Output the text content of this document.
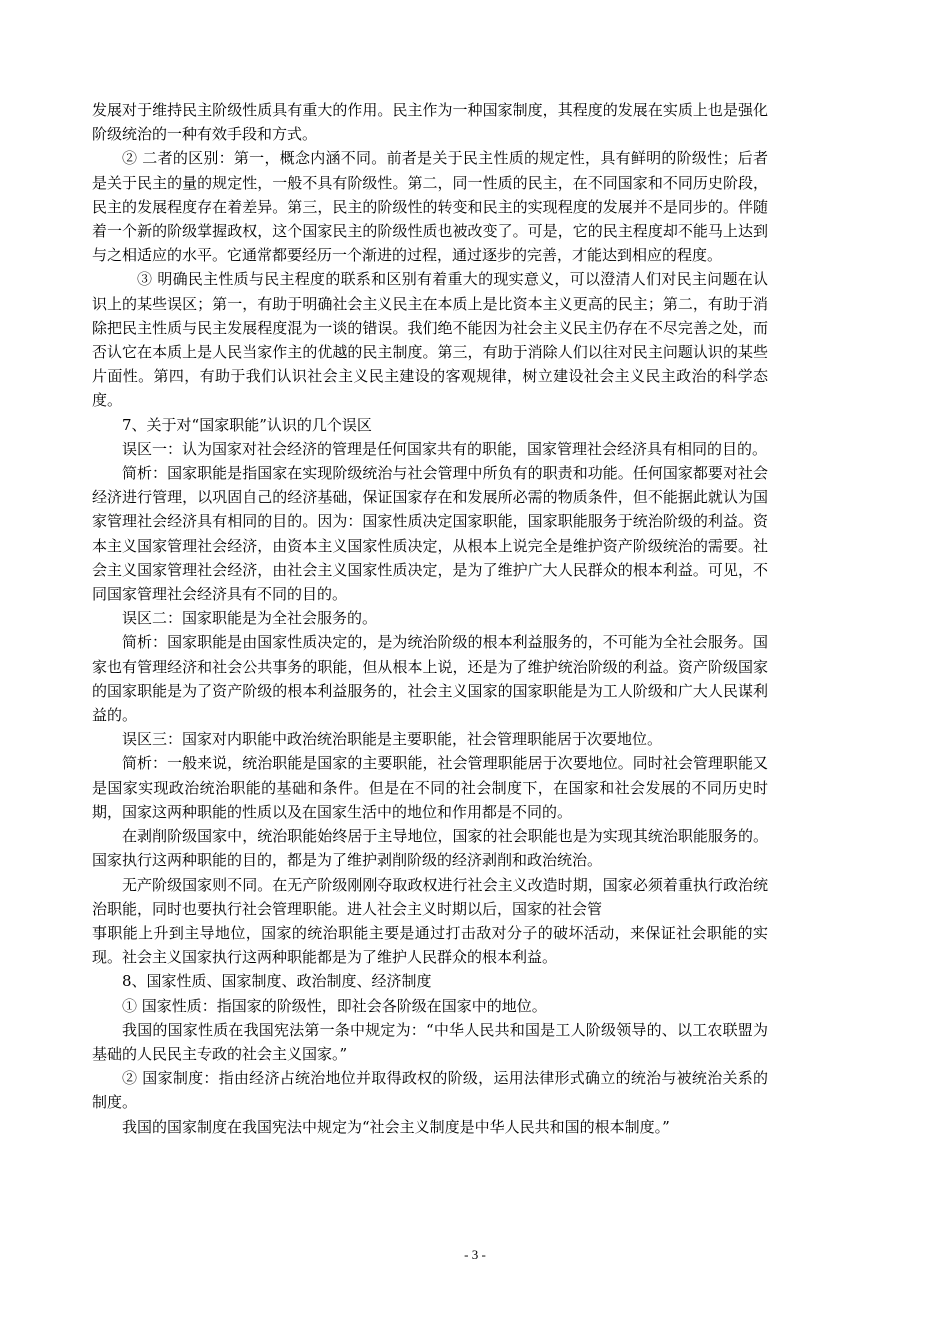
发展对于维持民主阶级性质具有重大的作用。民主作为一种国家制度，其程度的发展在实质上也是强化阶级统治的一种有效手段和方式。

② 二者的区别：第一，概念内涵不同。前者是关于民主性质的规定性，具有鲜明的阶级性；后者是关于民主的量的规定性，一般不具有阶级性。第二，同一性质的民主，在不同国家和不同历史阶段，民主的发展程度存在着差异。第三，民主的阶级性的转变和民主的实现程度的发展并不是同步的。伴随着一个新的阶级掌握政权，这个国家民主的阶级性质也被改变了。可是，它的民主程度却不能马上达到与之相适应的水平。它通常都要经历一个渐进的过程，通过逐步的完善，才能达到相应的程度。

③ 明确民主性质与民主程度的联系和区别有着重大的现实意义，可以澄清人们对民主问题在认识上的某些误区；第一，有助于明确社会主义民主在本质上是比资本主义更高的民主；第二，有助于消除把民主性质与民主发展程度混为一谈的错误。我们绝不能因为社会主义民主仍存在不尽完善之处，而否认它在本质上是人民当家作主的优越的民主制度。第三，有助于消除人们以往对民主问题认识的某些片面性。第四，有助于我们认识社会主义民主建设的客观规律，树立建设社会主义民主政治的科学态度。

7、关于对“国家职能”认识的几个误区

误区一：认为国家对社会经济的管理是任何国家共有的职能，国家管理社会经济具有相同的目的。

简析：国家职能是指国家在实现阶级统治与社会管理中所负有的职责和功能。任何国家都要对社会经济进行管理，以巩固自己的经济基础，保证国家存在和发展所必需的物质条件，但不能据此就认为国家管理社会经济具有相同的目的。因为：国家性质决定国家职能，国家职能服务于统治阶级的利益。资本主义国家管理社会经济，由资本主义国家性质决定，从根本上说完全是维护资产阶级统治的需要。社会主义国家管理社会经济，由社会主义国家性质决定，是为了维护广大人民群众的根本利益。可见，不同国家管理社会经济具有不同的目的。

误区二：国家职能是为全社会服务的。

简析：国家职能是由国家性质决定的，是为统治阶级的根本利益服务的，不可能为全社会服务。国家也有管理经济和社会公共事务的职能，但从根本上说，还是为了维护统治阶级的利益。资产阶级国家的国家职能是为了资产阶级的根本利益服务的，社会主义国家的国家职能是为工人阶级和广大人民谋利益的。

误区三：国家对内职能中政治统治职能是主要职能，社会管理职能居于次要地位。

简析：一般来说，统治职能是国家的主要职能，社会管理职能居于次要地位。同时社会管理职能又是国家实现政治统治职能的基础和条件。但是在不同的社会制度下，在国家和社会发展的不同历史时期，国家这两种职能的性质以及在国家生活中的地位和作用都是不同的。

在剥削阶级国家中，统治职能始终居于主导地位，国家的社会职能也是为实现其统治职能服务的。国家执行这两种职能的目的，都是为了维护剥削阶级的经济剥削和政治统治。

无产阶级国家则不同。在无产阶级刚刚夺取政权进行社会主义改造时期，国家必须着重执行政治统治职能，同时也要执行社会管理职能。进人社会主义时期以后，国家的社会管

事职能上升到主导地位，国家的统治职能主要是通过打击敌对分子的破坏活动，来保证社会职能的实现。社会主义国家执行这两种职能都是为了维护人民群众的根本利益。

8、国家性质、国家制度、政治制度、经济制度

① 国家性质：指国家的阶级性，即社会各阶级在国家中的地位。

我国的国家性质在我国宪法第一条中规定为：“中华人民共和国是工人阶级领导的、以工农联盟为基础的人民民主专政的社会主义国家。”

② 国家制度：指由经济占统治地位并取得政权的阶级，运用法律形式确立的统治与被统治关系的制度。

我国的国家制度在我国宪法中规定为“社会主义制度是中华人民共和国的根本制度。”

- 3 -
